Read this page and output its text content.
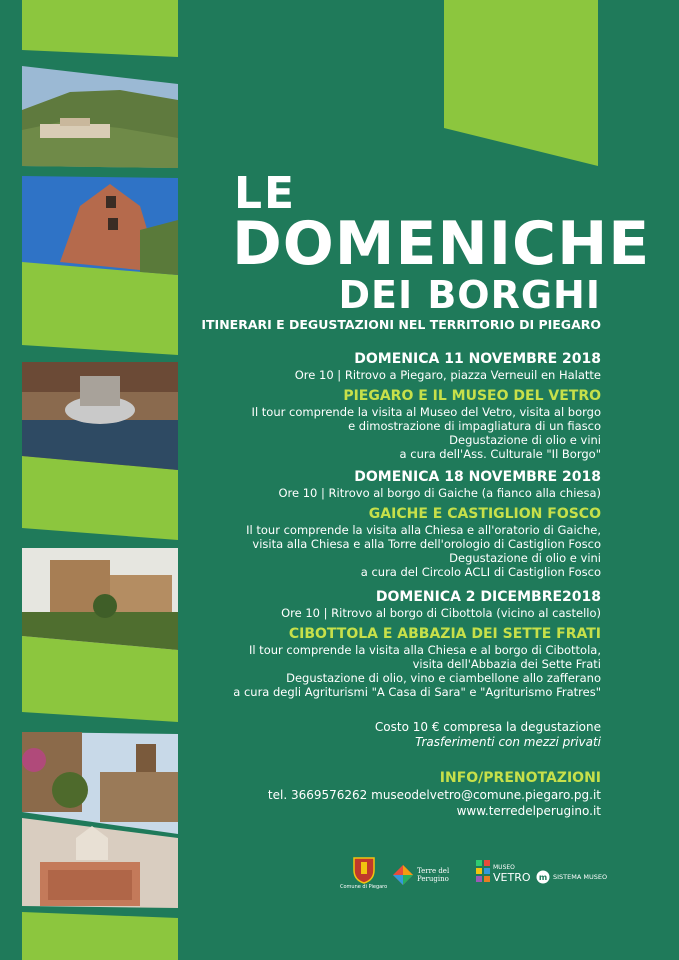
LE
DOMENICHE
DEI BORGHI
ITINERARI E DEGUSTAZIONI NEL TERRITORIO DI PIEGARO
DOMENICA 11 NOVEMBRE 2018
Ore 10 | Ritrovo a Piegaro, piazza Verneuil en Halatte
PIEGARO E IL MUSEO DEL VETRO
Il tour comprende la visita al Museo del Vetro, visita al borgo
e dimostrazione di impagliatura di un fiasco
Degustazione di olio e vini
a cura dell'Ass. Culturale "Il Borgo"
DOMENICA 18 NOVEMBRE 2018
Ore 10 | Ritrovo al borgo di Gaiche (a fianco alla chiesa)
GAICHE E CASTIGLION FOSCO
Il tour comprende la visita alla Chiesa e all'oratorio di Gaiche,
visita alla Chiesa e alla Torre dell'orologio di Castiglion Fosco
Degustazione di olio e vini
a cura del Circolo ACLI di Castiglion Fosco
DOMENICA 2 DICEMBRE2018
Ore 10 | Ritrovo al borgo di Cibottola (vicino al castello)
CIBOTTOLA E ABBAZIA DEI SETTE FRATI
Il tour comprende la visita alla Chiesa e al borgo di Cibottola,
visita dell'Abbazia dei Sette Frati
Degustazione di olio, vino e ciambellone allo zafferano
a cura degli Agriturismi "A Casa di Sara" e "Agriturismo Fratres"
Costo 10 € compresa la degustazione
Trasferimenti con mezzi privati
INFO/PRENOTAZIONI
tel. 3669576262 museodelvetro@comune.piegaro.pg.it
www.terredelperugino.it
Comune di Piegaro
Terre del Perugino
MUSEO
VETRO m SISTEMA MUSEO
